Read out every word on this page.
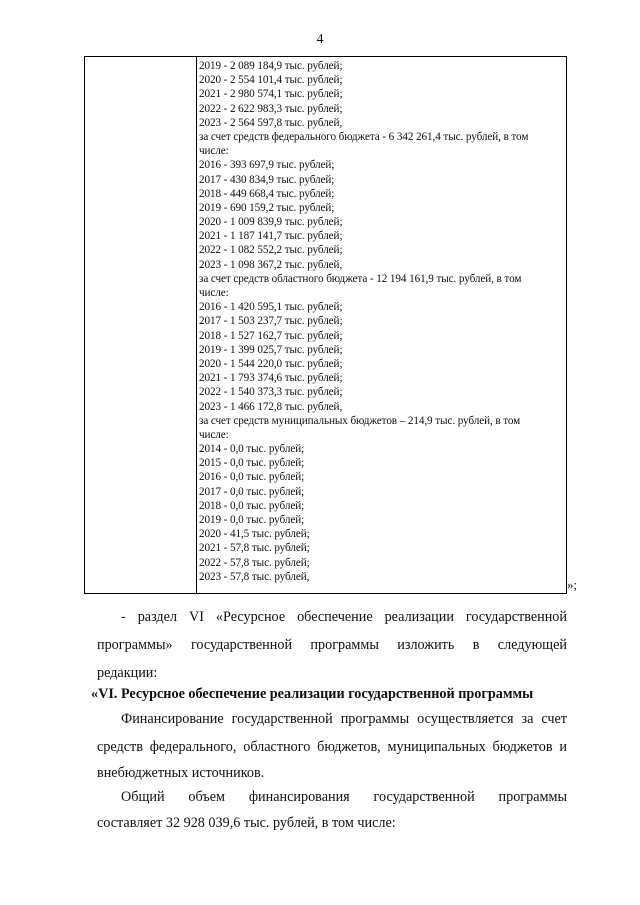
4
2019 - 2 089 184,9 тыс. рублей;
2020 - 2 554 101,4 тыс. рублей;
2021 - 2 980 574,1 тыс. рублей;
2022 - 2 622 983,3 тыс. рублей;
2023 - 2 564 597,8 тыс. рублей,
за счет средств федерального бюджета - 6 342 261,4 тыс. рублей, в том
числе:
2016 - 393 697,9 тыс. рублей;
2017 - 430 834,9 тыс. рублей;
2018 - 449 668,4 тыс. рублей;
2019 - 690 159,2 тыс. рублей;
2020 - 1 009 839,9 тыс. рублей;
2021 - 1 187 141,7 тыс. рублей;
2022 - 1 082 552,2 тыс. рублей;
2023 - 1 098 367,2 тыс. рублей,
за счет средств областного бюджета - 12 194 161,9 тыс. рублей, в том
числе:
2016 - 1 420 595,1 тыс. рублей;
2017 - 1 503 237,7 тыс. рублей;
2018 - 1 527 162,7 тыс. рублей;
2019 - 1 399 025,7 тыс. рублей;
2020 - 1 544 220,0 тыс. рублей;
2021 - 1 793 374,6 тыс. рублей;
2022 - 1 540 373,3 тыс. рублей;
2023 - 1 466 172,8 тыс. рублей,
за счет средств муниципальных бюджетов – 214,9 тыс. рублей, в том
числе:
2014 - 0,0 тыс. рублей;
2015 - 0,0 тыс. рублей;
2016 - 0,0 тыс. рублей;
2017 - 0,0 тыс. рублей;
2018 - 0,0 тыс. рублей;
2019 - 0,0 тыс. рублей;
2020 - 41,5 тыс. рублей;
2021 - 57,8 тыс. рублей;
2022 - 57,8 тыс. рублей;
2023 - 57,8 тыс. рублей,
»;
- раздел VI «Ресурсное обеспечение реализации государственной
программы» государственной программы изложить в следующей
редакции:
«VI. Ресурсное обеспечение реализации государственной программы
Финансирование государственной программы осуществляется за счет
средств федерального, областного бюджетов, муниципальных бюджетов и
внебюджетных источников.
Общий объем финансирования государственной программы
составляет 32 928 039,6 тыс. рублей, в том числе:
